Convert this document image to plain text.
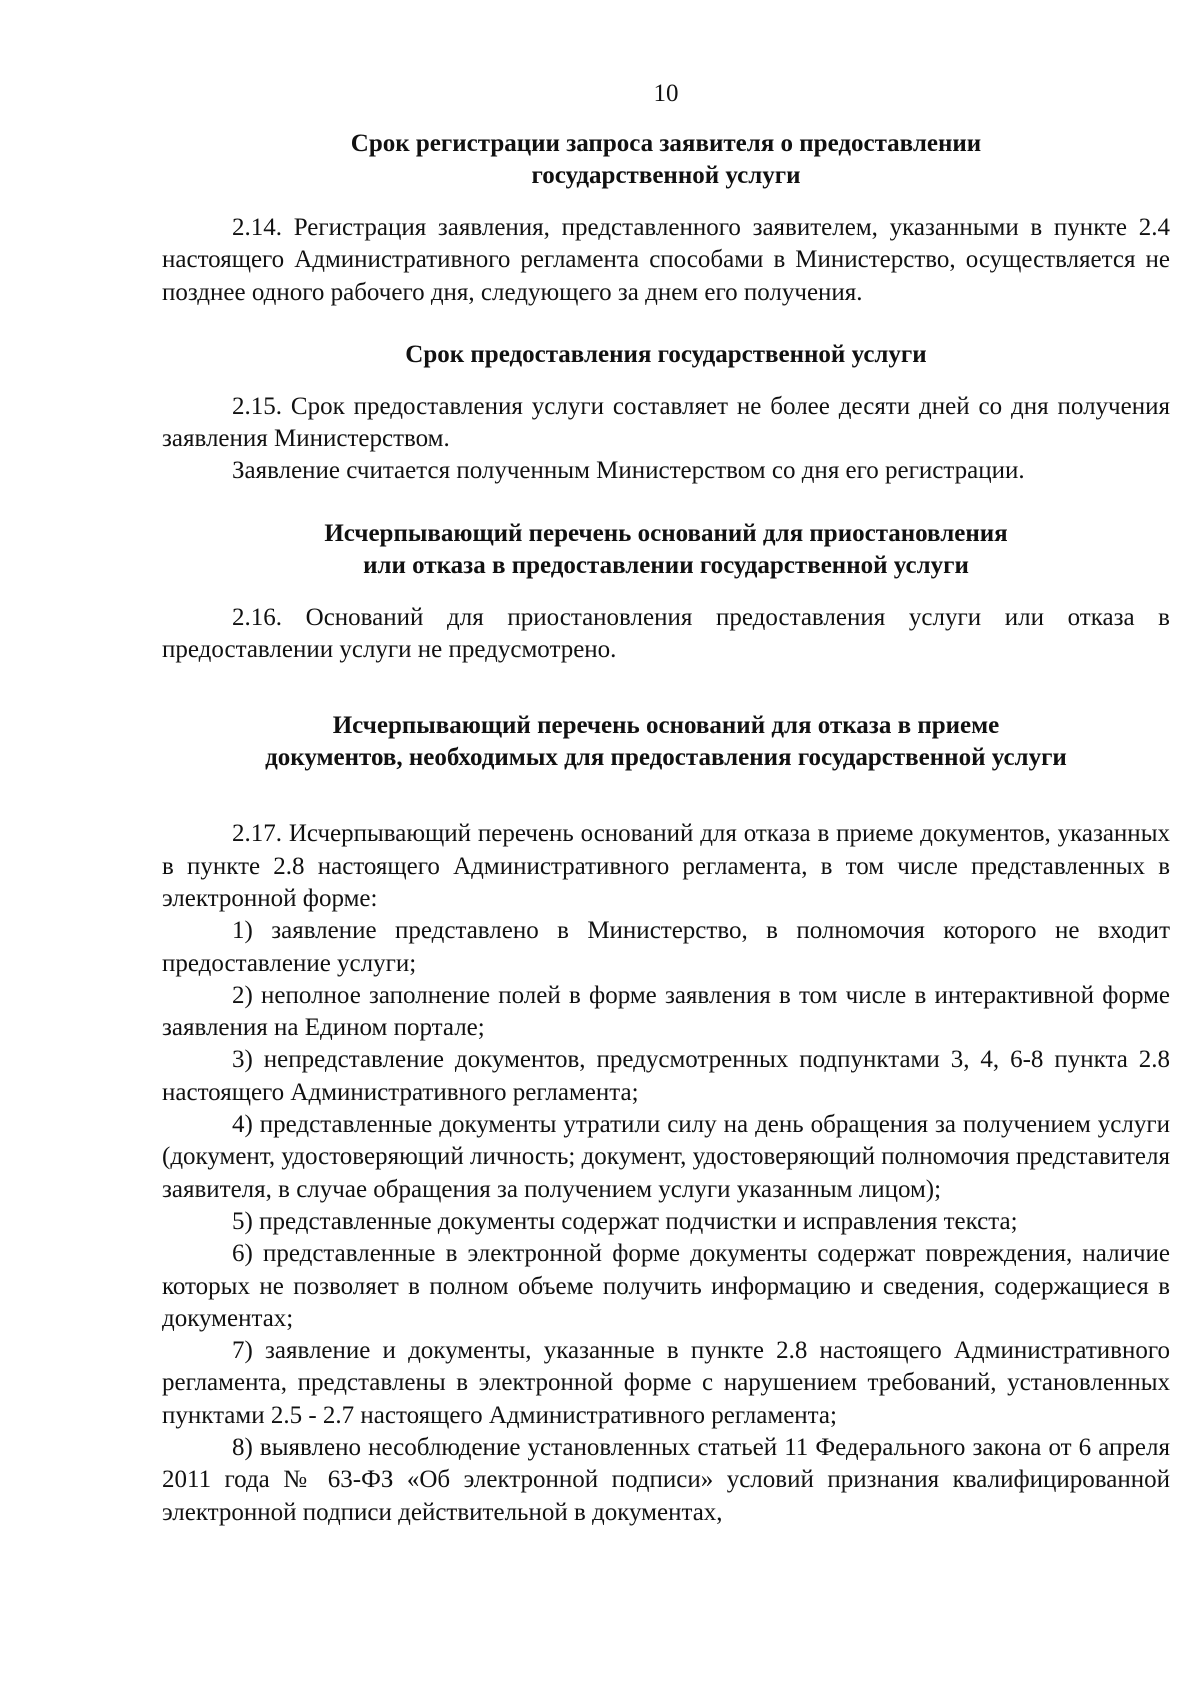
10
Срок регистрации запроса заявителя о предоставлении
государственной услуги

2.14. Регистрация заявления, представленного заявителем, указанными в пункте 2.4 настоящего Административного регламента способами в Министерство, осуществляется не позднее одного рабочего дня, следующего за днем его получения.

Срок предоставления государственной услуги

2.15. Срок предоставления услуги составляет не более десяти дней со дня получения заявления Министерством.

Заявление считается полученным Министерством со дня его регистрации.

Исчерпывающий перечень оснований для приостановления
или отказа в предоставлении государственной услуги

2.16. Оснований для приостановления предоставления услуги или отказа в предоставлении услуги не предусмотрено.

Исчерпывающий перечень оснований для отказа в приеме
документов, необходимых для предоставления государственной услуги

2.17. Исчерпывающий перечень оснований для отказа в приеме документов, указанных в пункте 2.8 настоящего Административного регламента, в том числе представленных в электронной форме:

1) заявление представлено в Министерство, в полномочия которого не входит предоставление услуги;

2) неполное заполнение полей в форме заявления в том числе в интерактивной форме заявления на Едином портале;

3) непредставление документов, предусмотренных подпунктами 3, 4, 6-8 пункта 2.8 настоящего Административного регламента;

4) представленные документы утратили силу на день обращения за получением услуги (документ, удостоверяющий личность; документ, удостоверяющий полномочия представителя заявителя, в случае обращения за получением услуги указанным лицом);

5) представленные документы содержат подчистки и исправления текста;

6) представленные в электронной форме документы содержат повреждения, наличие которых не позволяет в полном объеме получить информацию и сведения, содержащиеся в документах;

7) заявление и документы, указанные в пункте 2.8 настоящего Административного регламента, представлены в электронной форме с нарушением требований, установленных пунктами 2.5 - 2.7 настоящего Административного регламента;

8) выявлено несоблюдение установленных статьей 11 Федерального закона от 6 апреля 2011 года № 63-ФЗ «Об электронной подписи» условий признания квалифицированной электронной подписи действительной в документах,
